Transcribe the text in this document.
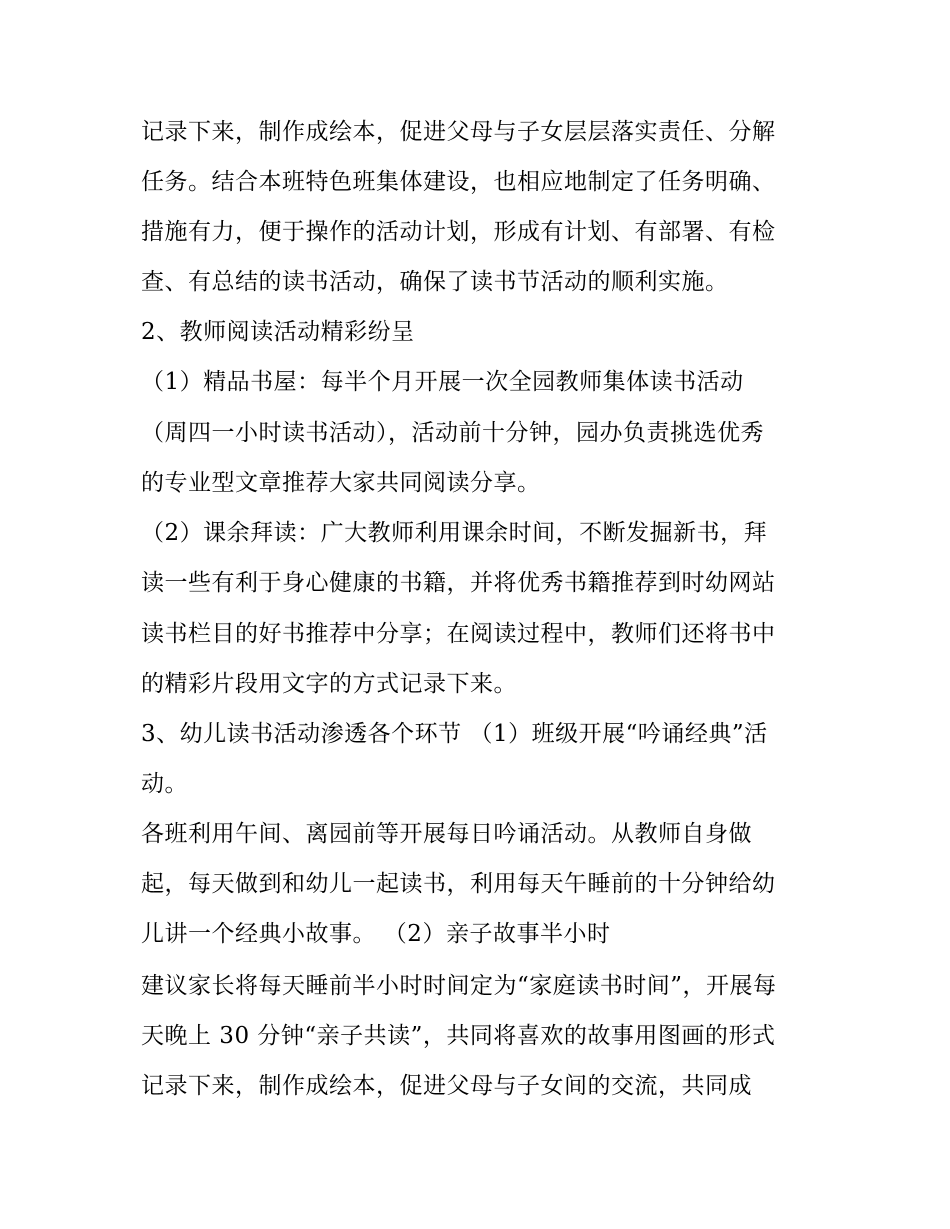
记录下来，制作成绘本，促进父母与子女层层落实责任、分解
任务。结合本班特色班集体建设，也相应地制定了任务明确、
措施有力，便于操作的活动计划，形成有计划、有部署、有检
查、有总结的读书活动，确保了读书节活动的顺利实施。
2、教师阅读活动精彩纷呈
（1）精品书屋：每半个月开展一次全园教师集体读书活动
（周四一小时读书活动），活动前十分钟，园办负责挑选优秀
的专业型文章推荐大家共同阅读分享。
（2）课余拜读：广大教师利用课余时间，不断发掘新书，拜
读一些有利于身心健康的书籍，并将优秀书籍推荐到时幼网站
读书栏目的好书推荐中分享；在阅读过程中，教师们还将书中
的精彩片段用文字的方式记录下来。
3、幼儿读书活动渗透各个环节 （1）班级开展“吟诵经典”活
动。
各班利用午间、离园前等开展每日吟诵活动。从教师自身做
起，每天做到和幼儿一起读书，利用每天午睡前的十分钟给幼
儿讲一个经典小故事。 （2）亲子故事半小时
建议家长将每天睡前半小时时间定为“家庭读书时间”，开展每
天晚上 30 分钟“亲子共读”，共同将喜欢的故事用图画的形式
记录下来，制作成绘本，促进父母与子女间的交流，共同成
